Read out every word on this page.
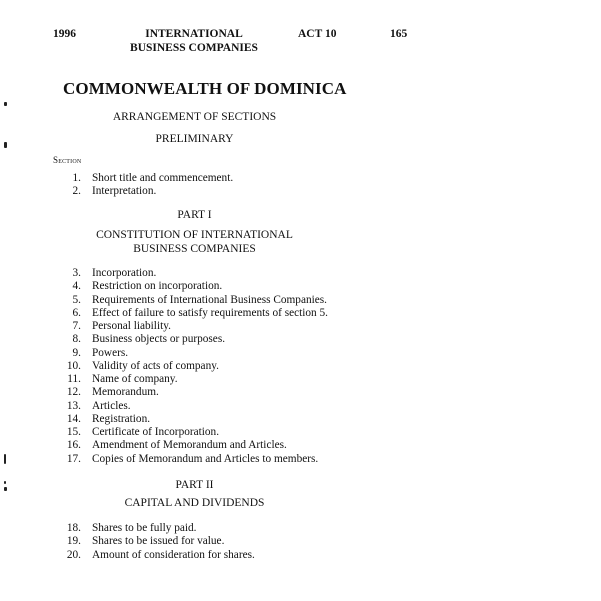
1996	INTERNATIONAL
BUSINESS COMPANIES
ACT 10	165
COMMONWEALTH OF DOMINICA
ARRANGEMENT OF SECTIONS
PRELIMINARY
Section
1. Short title and commencement.
2. Interpretation.
PART I
CONSTITUTION OF INTERNATIONAL
BUSINESS COMPANIES
3. Incorporation.
4. Restriction on incorporation.
5. Requirements of International Business Companies.
6. Effect of failure to satisfy requirements of section 5.
7. Personal liability.
8. Business objects or purposes.
9. Powers.
10. Validity of acts of company.
11. Name of company.
12. Memorandum.
13. Articles.
14. Registration.
15. Certificate of Incorporation.
16. Amendment of Memorandum and Articles.
17. Copies of Memorandum and Articles to members.
PART II
CAPITAL AND DIVIDENDS
18. Shares to be fully paid.
19. Shares to be issued for value.
20. Amount of consideration for shares.
